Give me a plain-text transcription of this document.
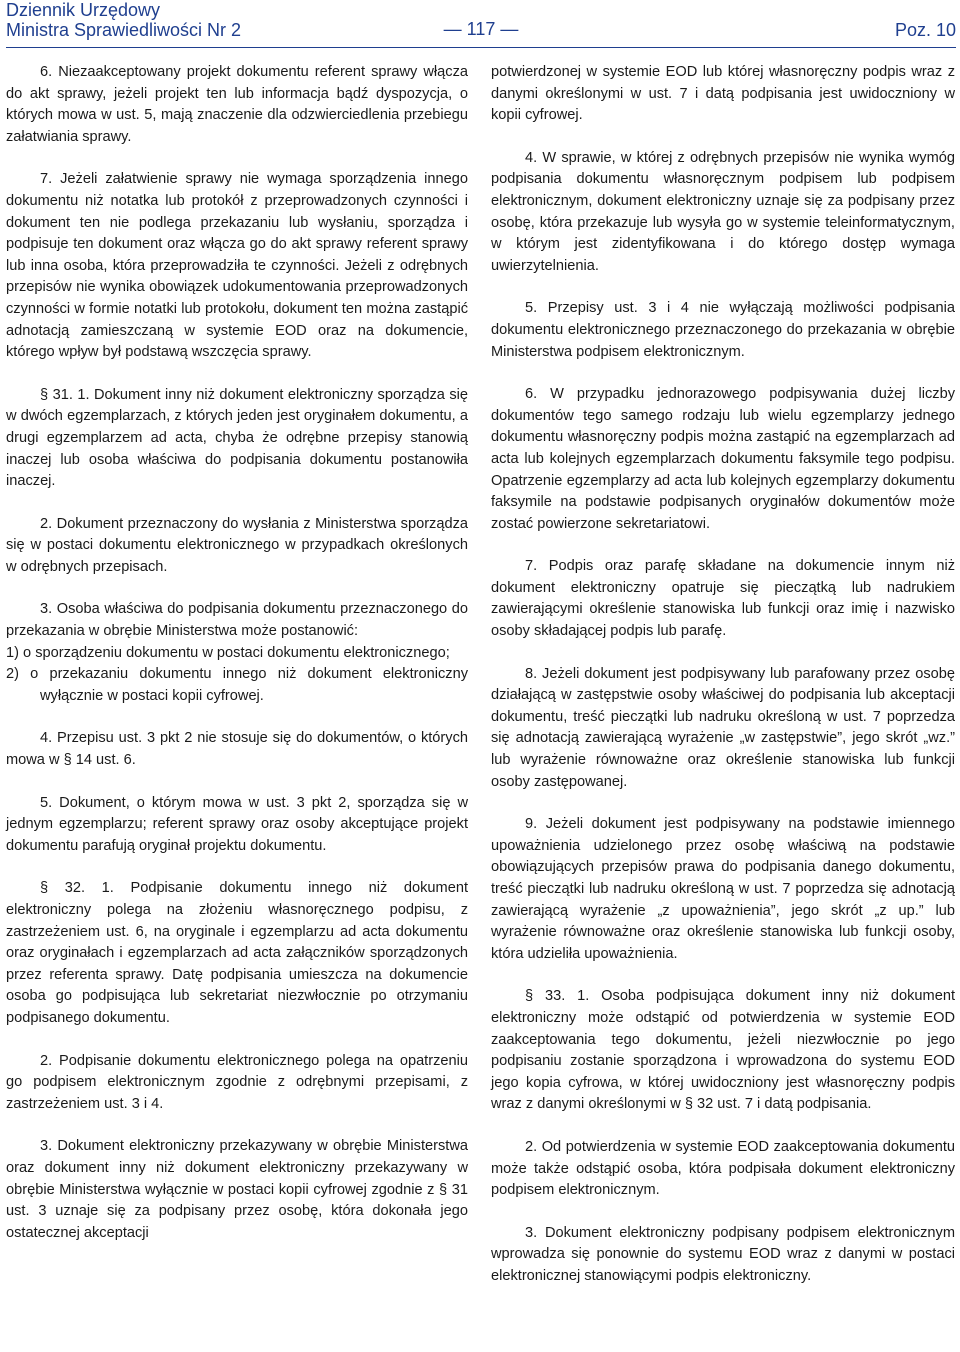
Dziennik Urzędowy
Ministra Sprawiedliwości Nr 2	— 117 —	Poz. 10

6. Niezaakceptowany projekt dokumentu referent sprawy włącza do akt sprawy, jeżeli projekt ten lub informacja bądź dyspozycja, o których mowa w ust. 5, mają znaczenie dla odzwierciedlenia przebiegu załatwiania sprawy.

7. Jeżeli załatwienie sprawy nie wymaga sporządzenia innego dokumentu niż notatka lub protokół z przeprowadzonych czynności i dokument ten nie podlega przekazaniu lub wysłaniu, sporządza i podpisuje ten dokument oraz włącza go do akt sprawy referent sprawy lub inna osoba, która przeprowadziła te czynności. Jeżeli z odrębnych przepisów nie wynika obowiązek udokumentowania przeprowadzonych czynności w formie notatki lub protokołu, dokument ten można zastąpić adnotacją zamieszczaną w systemie EOD oraz na dokumencie, którego wpływ był podstawą wszczęcia sprawy.

§ 31. 1. Dokument inny niż dokument elektroniczny sporządza się w dwóch egzemplarzach, z których jeden jest oryginałem dokumentu, a drugi egzemplarzem ad acta, chyba że odrębne przepisy stanowią inaczej lub osoba właściwa do podpisania dokumentu postanowiła inaczej.

2. Dokument przeznaczony do wysłania z Ministerstwa sporządza się w postaci dokumentu elektronicznego w przypadkach określonych w odrębnych przepisach.

3. Osoba właściwa do podpisania dokumentu przeznaczonego do przekazania w obrębie Ministerstwa może postanowić:

1) o sporządzeniu dokumentu w postaci dokumentu elektronicznego;

2) o przekazaniu dokumentu innego niż dokument elektroniczny wyłącznie w postaci kopii cyfrowej.

4. Przepisu ust. 3 pkt 2 nie stosuje się do dokumentów, o których mowa w § 14 ust. 6.

5. Dokument, o którym mowa w ust. 3 pkt 2, sporządza się w jednym egzemplarzu; referent sprawy oraz osoby akceptujące projekt dokumentu parafują oryginał projektu dokumentu.

§ 32. 1. Podpisanie dokumentu innego niż dokument elektroniczny polega na złożeniu własnoręcznego podpisu, z zastrzeżeniem ust. 6, na oryginale i egzemplarzu ad acta dokumentu oraz oryginałach i egzemplarzach ad acta załączników sporządzonych przez referenta sprawy. Datę podpisania umieszcza na dokumencie osoba go podpisująca lub sekretariat niezwłocznie po otrzymaniu podpisanego dokumentu.

2. Podpisanie dokumentu elektronicznego polega na opatrzeniu go podpisem elektronicznym zgodnie z odrębnymi przepisami, z zastrzeżeniem ust. 3 i 4.

3. Dokument elektroniczny przekazywany w obrębie Ministerstwa oraz dokument inny niż dokument elektroniczny przekazywany w obrębie Ministerstwa wyłącznie w postaci kopii cyfrowej zgodnie z § 31 ust. 3 uznaje się za podpisany przez osobę, która dokonała jego ostatecznej akceptacji

potwierdzonej w systemie EOD lub której własnoręczny podpis wraz z danymi określonymi w ust. 7 i datą podpisania jest uwidoczniony w kopii cyfrowej.

4. W sprawie, w której z odrębnych przepisów nie wynika wymóg podpisania dokumentu własnoręcznym podpisem lub podpisem elektronicznym, dokument elektroniczny uznaje się za podpisany przez osobę, która przekazuje lub wysyła go w systemie teleinformatycznym, w którym jest zidentyfikowana i do którego dostęp wymaga uwierzytelnienia.

5. Przepisy ust. 3 i 4 nie wyłączają możliwości podpisania dokumentu elektronicznego przeznaczonego do przekazania w obrębie Ministerstwa podpisem elektronicznym.

6. W przypadku jednorazowego podpisywania dużej liczby dokumentów tego samego rodzaju lub wielu egzemplarzy jednego dokumentu własnoręczny podpis można zastąpić na egzemplarzach ad acta lub kolejnych egzemplarzach dokumentu faksymile tego podpisu. Opatrzenie egzemplarzy ad acta lub kolejnych egzemplarzy dokumentu faksymile na podstawie podpisanych oryginałów dokumentów może zostać powierzone sekretariatowi.

7. Podpis oraz parafę składane na dokumencie innym niż dokument elektroniczny opatruje się pieczątką lub nadrukiem zawierającymi określenie stanowiska lub funkcji oraz imię i nazwisko osoby składającej podpis lub parafę.

8. Jeżeli dokument jest podpisywany lub parafowany przez osobę działającą w zastępstwie osoby właściwej do podpisania lub akceptacji dokumentu, treść pieczątki lub nadruku określoną w ust. 7 poprzedza się adnotacją zawierającą wyrażenie „w zastępstwie”, jego skrót „wz.” lub wyrażenie równoważne oraz określenie stanowiska lub funkcji osoby zastępowanej.

9. Jeżeli dokument jest podpisywany na podstawie imiennego upoważnienia udzielonego przez osobę właściwą na podstawie obowiązujących przepisów prawa do podpisania danego dokumentu, treść pieczątki lub nadruku określoną w ust. 7 poprzedza się adnotacją zawierającą wyrażenie „z upoważnienia”, jego skrót „z up.” lub wyrażenie równoważne oraz określenie stanowiska lub funkcji osoby, która udzieliła upoważnienia.

§ 33. 1. Osoba podpisująca dokument inny niż dokument elektroniczny może odstąpić od potwierdzenia w systemie EOD zaakceptowania tego dokumentu, jeżeli niezwłocznie po jego podpisaniu zostanie sporządzona i wprowadzona do systemu EOD jego kopia cyfrowa, w której uwidoczniony jest własnoręczny podpis wraz z danymi określonymi w § 32 ust. 7 i datą podpisania.

2. Od potwierdzenia w systemie EOD zaakceptowania dokumentu może także odstąpić osoba, która podpisała dokument elektroniczny podpisem elektronicznym.

3. Dokument elektroniczny podpisany podpisem elektronicznym wprowadza się ponownie do systemu EOD wraz z danymi w postaci elektronicznej stanowiącymi podpis elektroniczny.
